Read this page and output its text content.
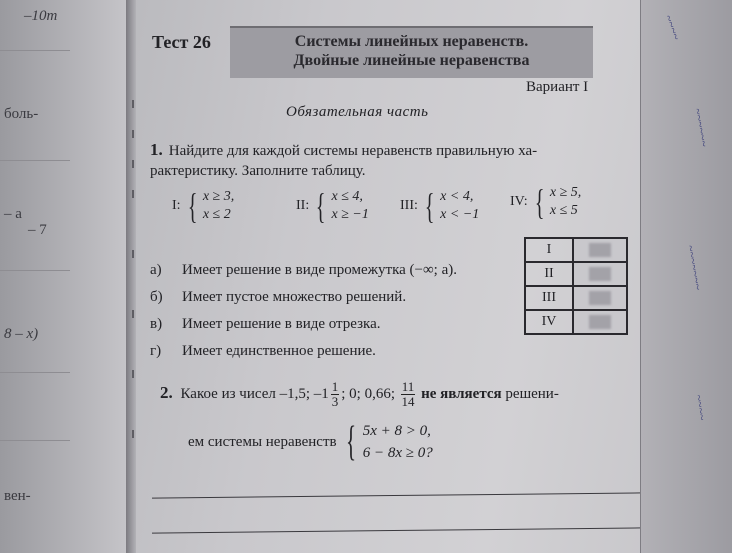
–10m
боль-
– a
– 7
8 – x)
вен-
Тест 26	Системы линейных неравенств.
Двойные линейные неравенства
Вариант I
Обязательная часть
1. Найдите для каждой системы неравенств правильную ха-рактеристику. Заполните таблицу.
I: { x ≥ 3,
x ≤ 2
II: { x ≤ 4,
x ≥ −1
III: { x < 4,
x < −1
IV: { x ≥ 5,
x ≤ 5
а) Имеет решение в виде промежутка (−∞; a).
б) Имеет пустое множество решений.
в) Имеет решение в виде отрезка.
г) Имеет единственное решение.
I	

II	

III	

IV	
2. Какое из чисел –1,5; $-1 \frac{1}{3}$ ; 0; 0,66; $\frac{11}{14}$ не является решени-
ем системы неравенств { 5x + 8 > 0,
6 − 8x ≥ 0?
~~~~
~~~~~~
~~~~~~~
~~~~
